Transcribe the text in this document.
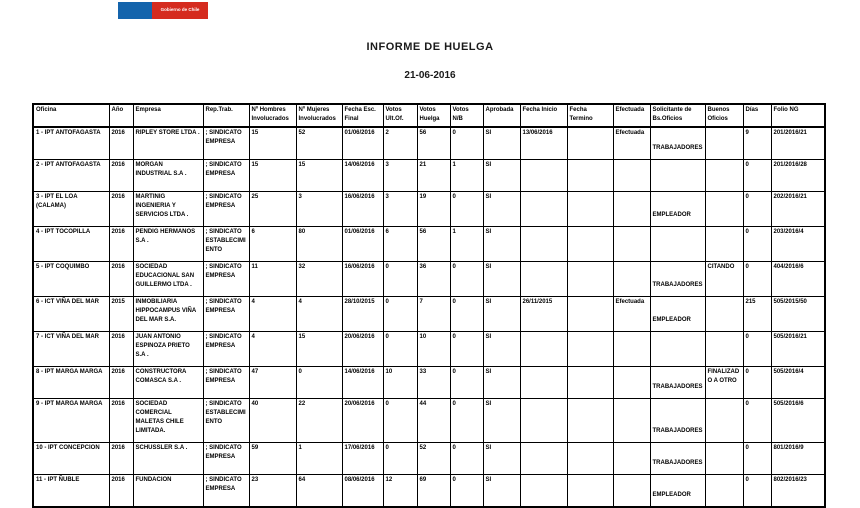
Gobierno de Chile
INFORME DE HUELGA
21-06-2016
Oficina	Año	Empresa	Rep.Trab.	Nº Hombres Involucrados	Nº Mujeres Involucrados	Fecha Esc. Final	Votos Ult.Of.	Votos Huelga	Votos N/B	Aprobada	Fecha Inicio	Fecha Termino	Efectuada	Solicitante de Bs.Oficios	Buenos Oficios	Días	Folio NG
1 - IPT ANTOFAGASTA	2016	RIPLEY STORE LTDA .	; SINDICATO EMPRESA	15	52	01/06/2016	2	56	0	SI	13/06/2016		Efectuada	TRABAJADORES		9	201/2016/21
2 - IPT ANTOFAGASTA	2016	MORGAN INDUSTRIAL S.A .	; SINDICATO EMPRESA	15	15	14/06/2016	3	21	1	SI						0	201/2016/28
3 - IPT EL LOA (CALAMA)	2016	MARTINIG INGENIERIA Y SERVICIOS LTDA .	; SINDICATO EMPRESA	25	3	16/06/2016	3	19	0	SI				EMPLEADOR		0	202/2016/21
4 - IPT TOCOPILLA	2016	PENDIG HERMANOS S.A .	; SINDICATO ESTABLECIMIENTO	6	80	01/06/2016	6	56	1	SI						0	203/2016/4
5 - IPT COQUIMBO	2016	SOCIEDAD EDUCACIONAL SAN GUILLERMO LTDA .	; SINDICATO EMPRESA	11	32	16/06/2016	0	36	0	SI				TRABAJADORES	CITANDO	0	404/2016/6
6 - ICT VIÑA DEL MAR	2015	INMOBILIARIA HIPPOCAMPUS VIÑA DEL MAR S.A.	; SINDICATO EMPRESA	4	4	28/10/2015	0	7	0	SI	26/11/2015		Efectuada	EMPLEADOR		215	505/2015/50
7 - ICT VIÑA DEL MAR	2016	JUAN ANTONIO ESPINOZA PRIETO S.A .	; SINDICATO EMPRESA	4	15	20/06/2016	0	10	0	SI						0	505/2016/21
8 - IPT MARGA MARGA	2016	CONSTRUCTORA COMASCA S.A .	; SINDICATO EMPRESA	47	0	14/06/2016	10	33	0	SI				TRABAJADORES	FINALIZADO A OTRO	0	505/2016/4
9 - IPT MARGA MARGA	2016	SOCIEDAD COMERCIAL MALETAS CHILE LIMITADA.	; SINDICATO ESTABLECIMIENTO	40	22	20/06/2016	0	44	0	SI				TRABAJADORES		0	505/2016/6
10 - IPT CONCEPCION	2016	SCHUSSLER S.A .	; SINDICATO EMPRESA	59	1	17/06/2016	0	52	0	SI				TRABAJADORES		0	801/2016/9
11 - IPT ÑUBLE	2016	FUNDACION	; SINDICATO EMPRESA	23	64	08/06/2016	12	69	0	SI				EMPLEADOR		0	802/2016/23
